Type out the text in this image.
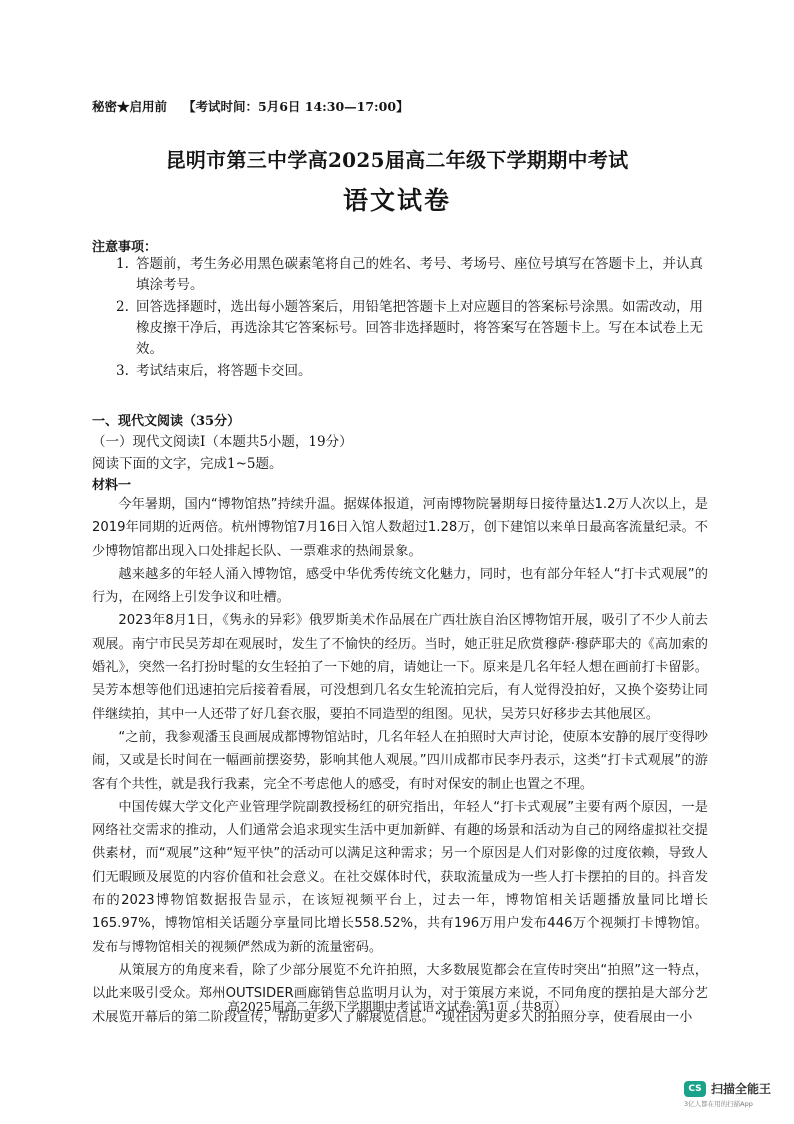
秘密★启用前 【考试时间：5月6日 14:30—17:00】
昆明市第三中学高2025届高二年级下学期期中考试
语文试卷
注意事项：
1. 答题前，考生务必用黑色碳素笔将自己的姓名、考号、考场号、座位号填写在答题卡上，并认真填涂考号。
2. 回答选择题时，选出每小题答案后，用铅笔把答题卡上对应题目的答案标号涂黑。如需改动，用橡皮擦干净后，再选涂其它答案标号。回答非选择题时，将答案写在答题卡上。写在本试卷上无效。
3. 考试结束后，将答题卡交回。
一、现代文阅读（35分）
（一）现代文阅读Ⅰ（本题共5小题，19分）
阅读下面的文字，完成1~5题。
材料一

今年暑期，国内“博物馆热”持续升温。据媒体报道，河南博物院暑期每日接待量达1.2万人次以上，是2019年同期的近两倍。杭州博物馆7月16日入馆人数超过1.28万，创下建馆以来单日最高客流量纪录。不少博物馆都出现入口处排起长队、一票难求的热闹景象。

越来越多的年轻人涌入博物馆，感受中华优秀传统文化魅力，同时，也有部分年轻人“打卡式观展”的行为，在网络上引发争议和吐槽。

2023年8月1日，《隽永的异彩》俄罗斯美术作品展在广西壮族自治区博物馆开展，吸引了不少人前去观展。南宁市民吴芳却在观展时，发生了不愉快的经历。当时，她正驻足欣赏穆萨·穆萨耶夫的《高加索的婚礼》，突然一名打扮时髦的女生轻拍了一下她的肩，请她让一下。原来是几名年轻人想在画前打卡留影。吴芳本想等他们迅速拍完后接着看展，可没想到几名女生轮流拍完后，有人觉得没拍好，又换个姿势让同伴继续拍，其中一人还带了好几套衣服，要拍不同造型的组图。见状，吴芳只好移步去其他展区。

“之前，我参观潘玉良画展成都博物馆站时，几名年轻人在拍照时大声讨论，使原本安静的展厅变得吵闹，又或是长时间在一幅画前摆姿势，影响其他人观展。”四川成都市民李丹表示，这类“打卡式观展”的游客有个共性，就是我行我素，完全不考虑他人的感受，有时对保安的制止也置之不理。

中国传媒大学文化产业管理学院副教授杨红的研究指出，年轻人“打卡式观展”主要有两个原因，一是网络社交需求的推动，人们通常会追求现实生活中更加新鲜、有趣的场景和活动为自己的网络虚拟社交提供素材，而“观展”这种“短平快”的活动可以满足这种需求；另一个原因是人们对影像的过度依赖，导致人们无暇顾及展览的内容价值和社会意义。在社交媒体时代，获取流量成为一些人打卡摆拍的目的。抖音发布的2023博物馆数据报告显示，在该短视频平台上，过去一年，博物馆相关话题播放量同比增长165.97%，博物馆相关话题分享量同比增长558.52%，共有196万用户发布446万个视频打卡博物馆。发布与博物馆相关的视频俨然成为新的流量密码。

从策展方的角度来看，除了少部分展览不允许拍照，大多数展览都会在宣传时突出“拍照”这一特点，以此来吸引受众。郑州OUTSIDER画廊销售总监明月认为，对于策展方来说，不同角度的摆拍是大部分艺术展览开幕后的第二阶段宣传，帮助更多人了解展览信息。“现在因为更多人的拍照分享，使看展由一小

高2025届高二年级下学期期中考试语文试卷·第1页（共8页）
CS 扫描全能王
3亿人都在用的扫描App
